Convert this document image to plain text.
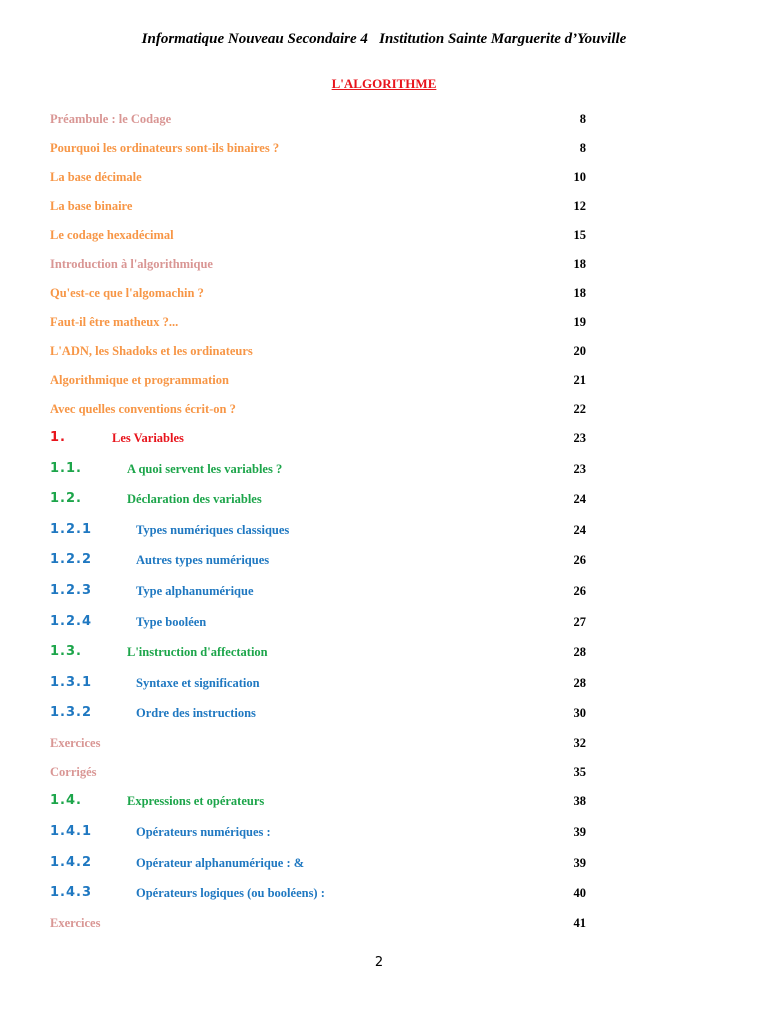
Informatique Nouveau Secondaire 4   Institution Sainte Marguerite d’Youville
L'ALGORITHME
Préambule : le Codage	8
Pourquoi les ordinateurs sont-ils binaires ?	8
La base décimale	10
La base binaire	12
Le codage hexadécimal	15
Introduction à l'algorithmique	18
Qu'est-ce que l'algomachin ?	18
Faut-il être matheux ?...	19
L'ADN, les Shadoks et les ordinateurs	20
Algorithmique et programmation	21
Avec quelles conventions écrit-on ?	22
1.	Les Variables	23
1.1.	A quoi servent les variables ?	23
1.2.	Déclaration des variables	24
1.2.1	Types numériques classiques	24
1.2.2	Autres types numériques	26
1.2.3	Type alphanumérique	26
1.2.4	Type booléen	27
1.3.	L'instruction d'affectation	28
1.3.1	Syntaxe et signification	28
1.3.2	Ordre des instructions	30
Exercices	32
Corrigés	35
1.4.	Expressions et opérateurs	38
1.4.1	Opérateurs numériques :	39
1.4.2	Opérateur alphanumérique : &	39
1.4.3	Opérateurs logiques (ou booléens) :	40
Exercices	41
2
